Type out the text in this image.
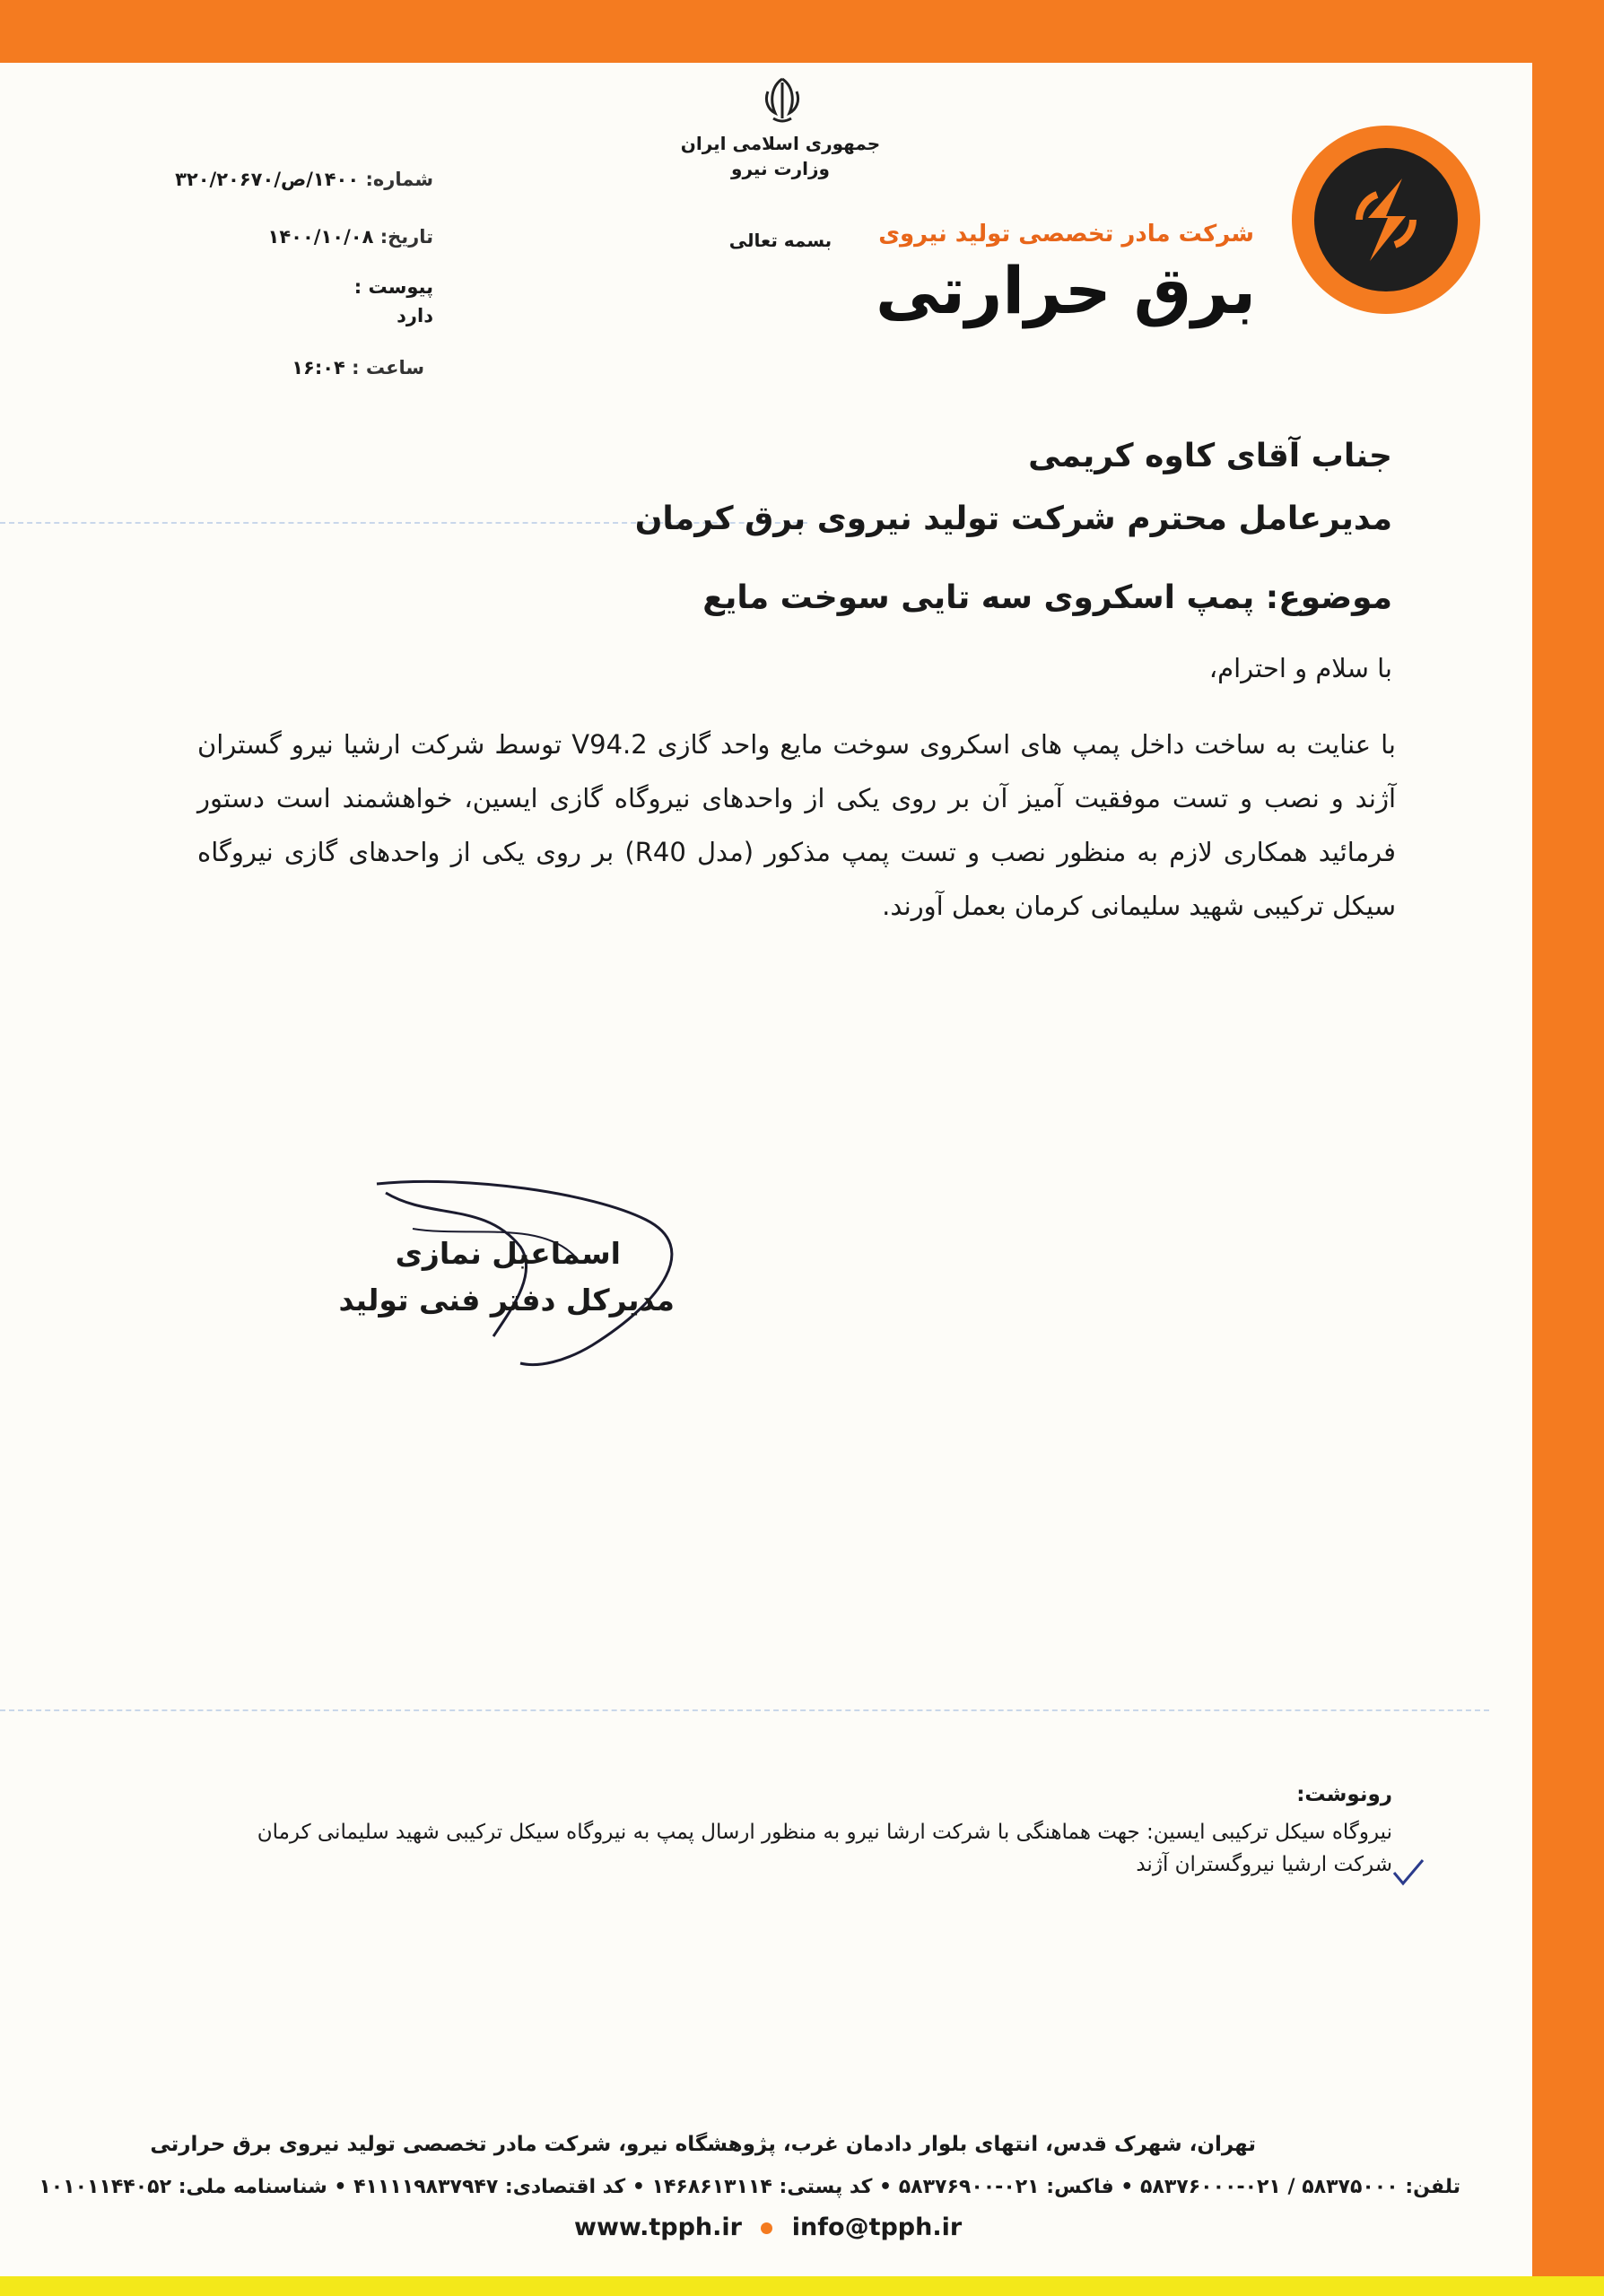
شرکت مادر تخصصی تولید نیروی
برق حرارتی
جمهوری اسلامی ایران
وزارت نیرو
بسمه تعالی
شماره: ۱۴۰۰/ص/۳۲۰/۲۰۶۷۰
تاریخ: ۱۴۰۰/۱۰/۰۸
پیوست :
دارد
ساعت : ۱۶:۰۴
جناب آقای کاوه کریمی
مدیرعامل محترم شرکت تولید نیروی برق کرمان
موضوع: پمپ اسکروی سه تایی سوخت مایع
با سلام و احترام،
با عنایت به ساخت داخل پمپ های اسکروی سوخت مایع واحد گازی V94.2 توسط شرکت ارشیا نیرو گستران آژند و نصب و تست موفقیت آمیز آن بر روی یکی از واحدهای نیروگاه گازی ایسین، خواهشمند است دستور فرمائید همکاری لازم به منظور نصب و تست پمپ مذکور (مدل R40) بر روی یکی از واحدهای گازی نیروگاه سیکل ترکیبی شهید سلیمانی کرمان بعمل آورند.
اسماعیل نمازی
مدیرکل دفتر فنی تولید
رونوشت:
نیروگاه سیکل ترکیبی ایسین: جهت هماهنگی با شرکت ارشا نیرو به منظور ارسال پمپ به نیروگاه سیکل ترکیبی شهید سلیمانی کرمان
شرکت ارشیا نیروگستران آژند
تهران، شهرک قدس، انتهای بلوار دادمان غرب، پژوهشگاه نیرو، شرکت مادر تخصصی تولید نیروی برق حرارتی
تلفن: ۵۸۳۷۵۰۰۰ / ۰۲۱-۵۸۳۷۶۰۰۰ • فاکس: ۰۲۱-۵۸۳۷۶۹۰۰ • کد پستی: ۱۴۶۸۶۱۳۱۱۴ • کد اقتصادی: ۴۱۱۱۱۹۸۳۷۹۴۷ • شناسنامه ملی: ۱۰۱۰۱۱۴۴۰۵۲
www.tpph.ir info@tpph.ir
